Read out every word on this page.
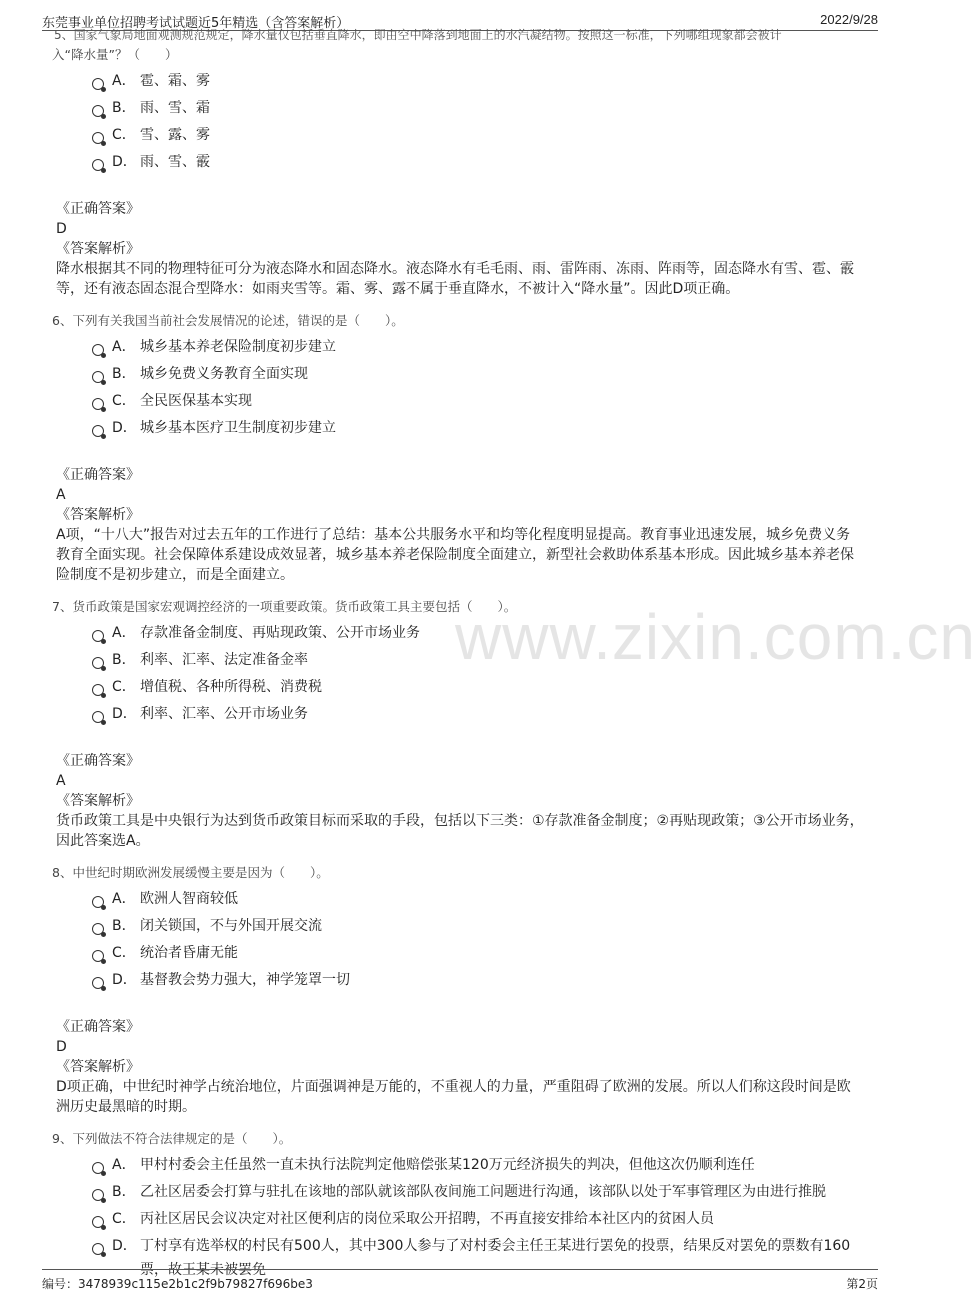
东莞事业单位招聘考试试题近5年精选（含答案解析）	2022/9/28
www.zixin.com.cn
5、国家气象局地面观测规范规定，降水量仅包括垂直降水，即由空中降落到地面上的水汽凝结物。按照这一标准，下列哪组现象都会被计
入“降水量”？（　　）
A． 雹、霜、雾
B． 雨、雪、霜
C． 雪、露、雾
D． 雨、雪、霰
《正确答案》
D
《答案解析》
降水根据其不同的物理特征可分为液态降水和固态降水。液态降水有毛毛雨、雨、雷阵雨、冻雨、阵雨等，固态降水有雪、雹、霰等，还有液态固态混合型降水：如雨夹雪等。霜、雾、露不属于垂直降水，不被计入“降水量”。因此D项正确。
6、下列有关我国当前社会发展情况的论述，错误的是（　　）。
A． 城乡基本养老保险制度初步建立
B． 城乡免费义务教育全面实现
C． 全民医保基本实现
D． 城乡基本医疗卫生制度初步建立
《正确答案》
A
《答案解析》
A项，“十八大”报告对过去五年的工作进行了总结：基本公共服务水平和均等化程度明显提高。教育事业迅速发展，城乡免费义务教育全面实现。社会保障体系建设成效显著，城乡基本养老保险制度全面建立，新型社会救助体系基本形成。因此城乡基本养老保险制度不是初步建立，而是全面建立。
7、货币政策是国家宏观调控经济的一项重要政策。货币政策工具主要包括（　　）。
A． 存款准备金制度、再贴现政策、公开市场业务
B． 利率、汇率、法定准备金率
C． 增值税、各种所得税、消费税
D． 利率、汇率、公开市场业务
《正确答案》
A
《答案解析》
货币政策工具是中央银行为达到货币政策目标而采取的手段，包括以下三类：①存款准备金制度；②再贴现政策；③公开市场业务，因此答案选A。
8、中世纪时期欧洲发展缓慢主要是因为（　　）。
A． 欧洲人智商较低
B． 闭关锁国，不与外国开展交流
C． 统治者昏庸无能
D． 基督教会势力强大，神学笼罩一切
《正确答案》
D
《答案解析》
D项正确，中世纪时神学占统治地位，片面强调神是万能的，不重视人的力量，严重阻碍了欧洲的发展。所以人们称这段时间是欧洲历史最黑暗的时期。
9、下列做法不符合法律规定的是（　　）。
A． 甲村村委会主任虽然一直未执行法院判定他赔偿张某120万元经济损失的判决，但他这次仍顺利连任
B． 乙社区居委会打算与驻扎在该地的部队就该部队夜间施工问题进行沟通，该部队以处于军事管理区为由进行推脱
C． 丙社区居民会议决定对社区便利店的岗位采取公开招聘，不再直接安排给本社区内的贫困人员
D． 丁村享有选举权的村民有500人，其中300人参与了对村委会主任王某进行罢免的投票，结果反对罢免的票数有160票，故王某未被罢免
编号：3478939c115e2b1c2f9b79827f696be3	第2页
